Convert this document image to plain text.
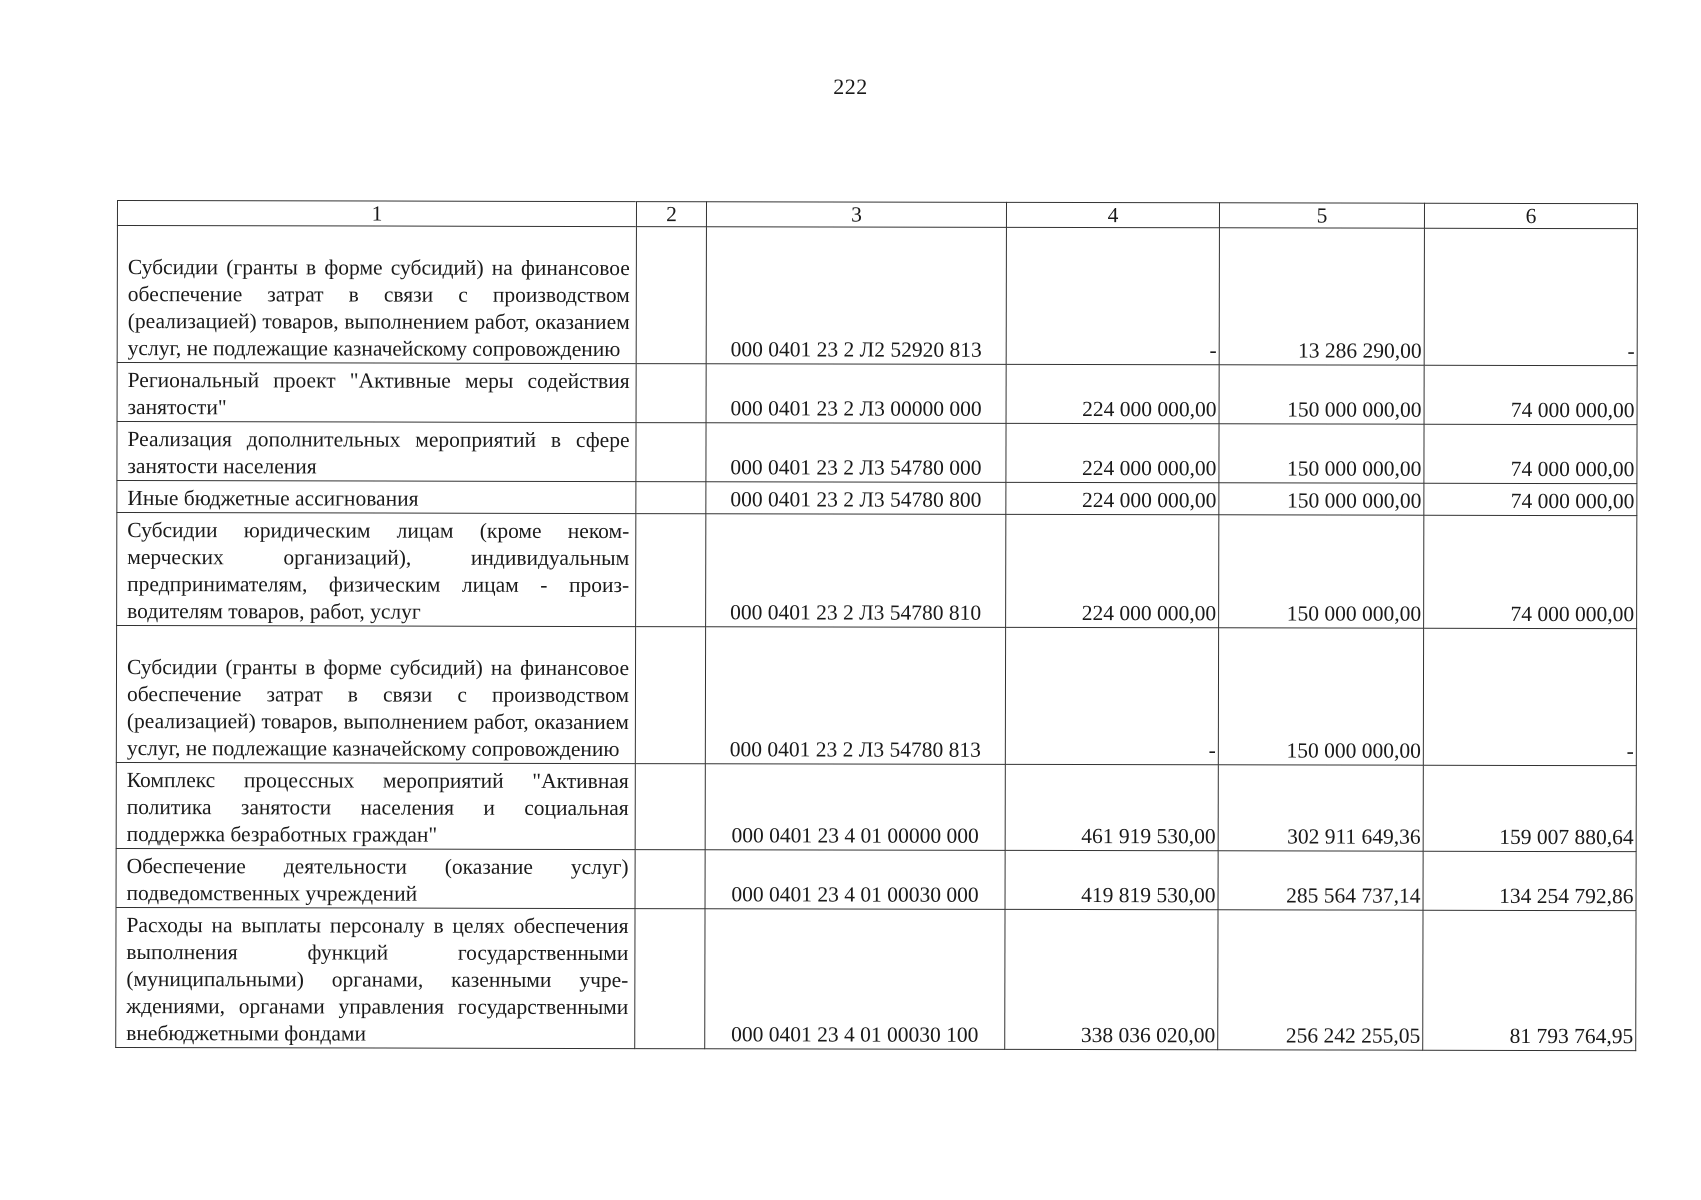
222
1	2	3	4	5	6
Субсидии (гранты в форме субсидий) на финансовое обеспечение затрат в связи с производством (реализацией) товаров, выполнением работ, оказанием услуг, не подлежащие казначейскому сопровождению		000 0401 23 2 Л2 52920 813	-	13 286 290,00	-
Региональный проект "Активные меры содействия занятости"		000 0401 23 2 Л3 00000 000	224 000 000,00	150 000 000,00	74 000 000,00
Реализация дополнительных мероприятий в сфере занятости населения		000 0401 23 2 Л3 54780 000	224 000 000,00	150 000 000,00	74 000 000,00
Иные бюджетные ассигнования		000 0401 23 2 Л3 54780 800	224 000 000,00	150 000 000,00	74 000 000,00
Субсидии юридическим лицам (кроме некоммерческих организаций), индивидуальным предпринимателям, физическим лицам - производителям товаров, работ, услуг		000 0401 23 2 Л3 54780 810	224 000 000,00	150 000 000,00	74 000 000,00
Субсидии (гранты в форме субсидий) на финансовое обеспечение затрат в связи с производством (реализацией) товаров, выполнением работ, оказанием услуг, не подлежащие казначейскому сопровождению		000 0401 23 2 Л3 54780 813	-	150 000 000,00	-
Комплекс процессных мероприятий "Активная политика занятости населения и социальная поддержка безработных граждан"		000 0401 23 4 01 00000 000	461 919 530,00	302 911 649,36	159 007 880,64
Обеспечение деятельности (оказание услуг) подведомственных учреждений		000 0401 23 4 01 00030 000	419 819 530,00	285 564 737,14	134 254 792,86
Расходы на выплаты персоналу в целях обеспечения выполнения функций государственными (муниципальными) органами, казенными учреждениями, органами управления государственными внебюджетными фондами		000 0401 23 4 01 00030 100	338 036 020,00	256 242 255,05	81 793 764,95
